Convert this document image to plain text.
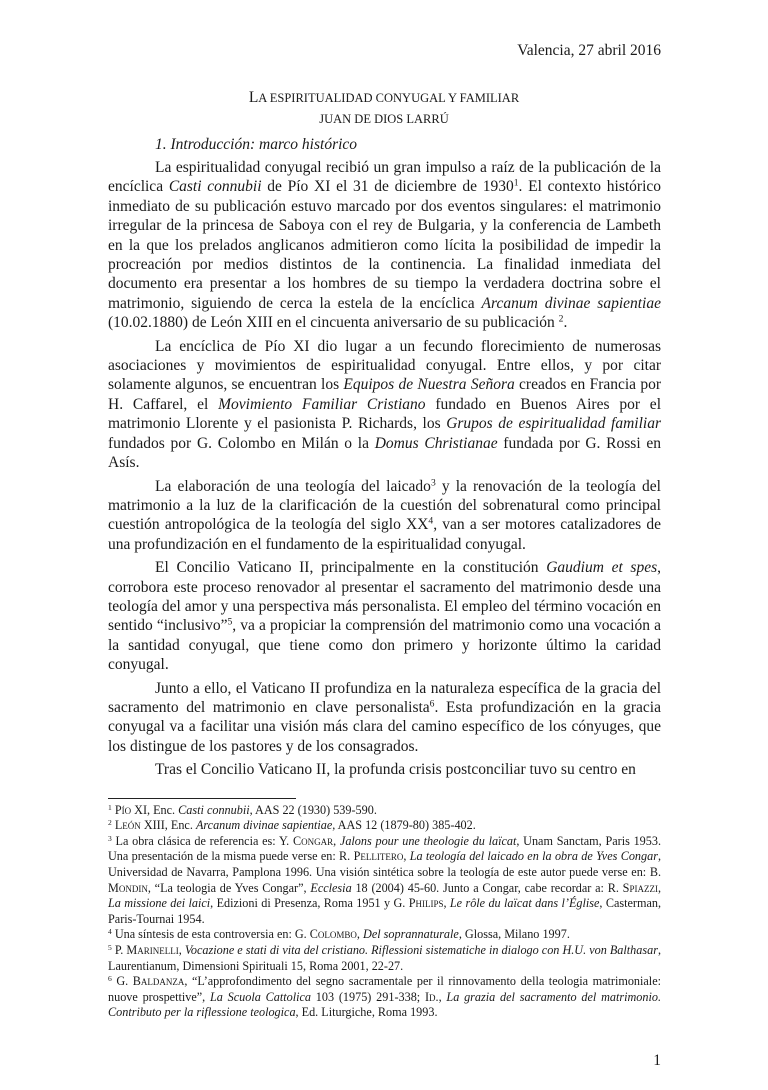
Valencia, 27 abril 2016
LA ESPIRITUALIDAD CONYUGAL Y FAMILIAR
JUAN DE DIOS LARRÚ
1. Introducción: marco histórico
La espiritualidad conyugal recibió un gran impulso a raíz de la publicación de la encíclica Casti connubii de Pío XI el 31 de diciembre de 1930$^1$. El contexto histórico inmediato de su publicación estuvo marcado por dos eventos singulares: el matrimonio irregular de la princesa de Saboya con el rey de Bulgaria, y la conferencia de Lambeth en la que los prelados anglicanos admitieron como lícita la posibilidad de impedir la procreación por medios distintos de la continencia. La finalidad inmediata del documento era presentar a los hombres de su tiempo la verdadera doctrina sobre el matrimonio, siguiendo de cerca la estela de la encíclica Arcanum divinae sapientiae (10.02.1880) de León XIII en el cincuenta aniversario de su publicación $^2$.
La encíclica de Pío XI dio lugar a un fecundo florecimiento de numerosas asociaciones y movimientos de espiritualidad conyugal. Entre ellos, y por citar solamente algunos, se encuentran los Equipos de Nuestra Señora creados en Francia por H. Caffarel, el Movimiento Familiar Cristiano fundado en Buenos Aires por el matrimonio Llorente y el pasionista P. Richards, los Grupos de espiritualidad familiar fundados por G. Colombo en Milán o la Domus Christianae fundada por G. Rossi en Asís.
La elaboración de una teología del laicado$^3$ y la renovación de la teología del matrimonio a la luz de la clarificación de la cuestión del sobrenatural como principal cuestión antropológica de la teología del siglo $XX^4$, van a ser motores catalizadores de una profundización en el fundamento de la espiritualidad conyugal.
El Concilio Vaticano II, principalmente en la constitución Gaudium et spes, corrobora este proceso renovador al presentar el sacramento del matrimonio desde una teología del amor y una perspectiva más personalista. El empleo del término vocación en sentido “inclusivo”$^5$, va a propiciar la comprensión del matrimonio como una vocación a la santidad conyugal, que tiene como don primero y horizonte último la caridad conyugal.
Junto a ello, el Vaticano II profundiza en la naturaleza específica de la gracia del sacramento del matrimonio en clave personalista$^6$. Esta profundización en la gracia conyugal va a facilitar una visión más clara del camino específico de los cónyuges, que los distingue de los pastores y de los consagrados.
Tras el Concilio Vaticano II, la profunda crisis postconciliar tuvo su centro en

$^1$ Pío XI, Enc. Casti connubii, AAS 22 (1930) 539-590.

$^2$ León XIII, Enc. Arcanum divinae sapientiae, AAS 12 (1879-80) 385-402.

$^3$ La obra clásica de referencia es: Y. Congar, Jalons pour une theologie du laïcat, Unam Sanctam, Paris 1953. Una presentación de la misma puede verse en: R. Pellitero, La teología del laicado en la obra de Yves Congar, Universidad de Navarra, Pamplona 1996. Una visión sintética sobre la teología de este autor puede verse en: B. Mondin, “La teologia de Yves Congar”, Ecclesia 18 (2004) 45-60. Junto a Congar, cabe recordar a: R. Spiazzi, La missione dei laici, Edizioni di Presenza, Roma 1951 y G. Philips, Le rôle du laïcat dans l’Église, Casterman, Paris-Tournai 1954.

$^4$ Una síntesis de esta controversia en: G. Colombo, Del soprannaturale, Glossa, Milano 1997.

$^5$ P. Marinelli, Vocazione e stati di vita del cristiano. Riflessioni sistematiche in dialogo con H.U. von Balthasar, Laurentianum, Dimensioni Spirituali 15, Roma 2001, 22-27.

$^6$ G. Baldanza, “L’approfondimento del segno sacramentale per il rinnovamento della teologia matrimoniale: nuove prospettive”, La Scuola Cattolica 103 (1975) 291-338; Id., La grazia del sacramento del matrimonio. Contributo per la riflessione teologica, Ed. Liturgiche, Roma 1993.

1
